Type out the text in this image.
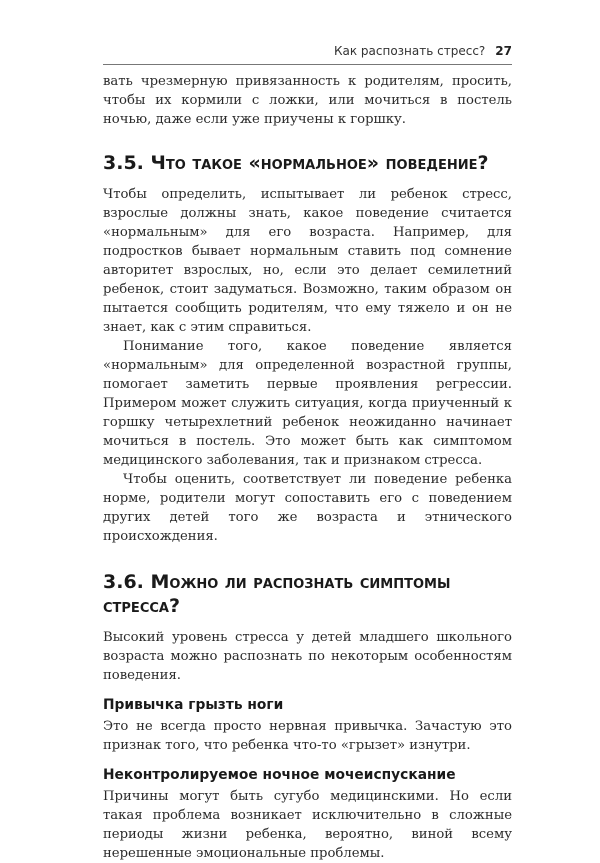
Как распознать стресс? 27

вать чрезмерную привязанность к родителям, просить, чтобы их кормили с ложки, или мочиться в постель ночью, даже если уже приучены к горшку.

3.5. Что такое «нормальное» поведение?

Чтобы определить, испытывает ли ребенок стресс, взрослые должны знать, какое поведение считается «нормальным» для его возраста. Например, для подростков бывает нормальным ставить под сомнение авторитет взрослых, но, если это делает семилетний ребенок, стоит задуматься. Возможно, таким образом он пытается сообщить родителям, что ему тяжело и он не знает, как с этим справиться.

Понимание того, какое поведение является «нормальным» для определенной возрастной группы, помогает заметить первые проявления регрессии. Примером может служить ситуация, когда приученный к горшку четырехлетний ребенок неожиданно начинает мочиться в постель. Это может быть как симптомом медицинского заболевания, так и признаком стресса.

Чтобы оценить, соответствует ли поведение ребенка норме, родители могут сопоставить его с поведением других детей того же возраста и этнического происхождения.

3.6. Можно ли распознать симптомы стресса?

Высокий уровень стресса у детей младшего школьного возраста можно распознать по некоторым особенностям поведения.

Привычка грызть ноги

Это не всегда просто нервная привычка. Зачастую это признак того, что ребенка что-то «грызет» изнутри.

Неконтролируемое ночное мочеиспускание

Причины могут быть сугубо медицинскими. Но если такая проблема возникает исключительно в сложные периоды жизни ребенка, вероятно, виной всему нерешенные эмоциональные проблемы.
